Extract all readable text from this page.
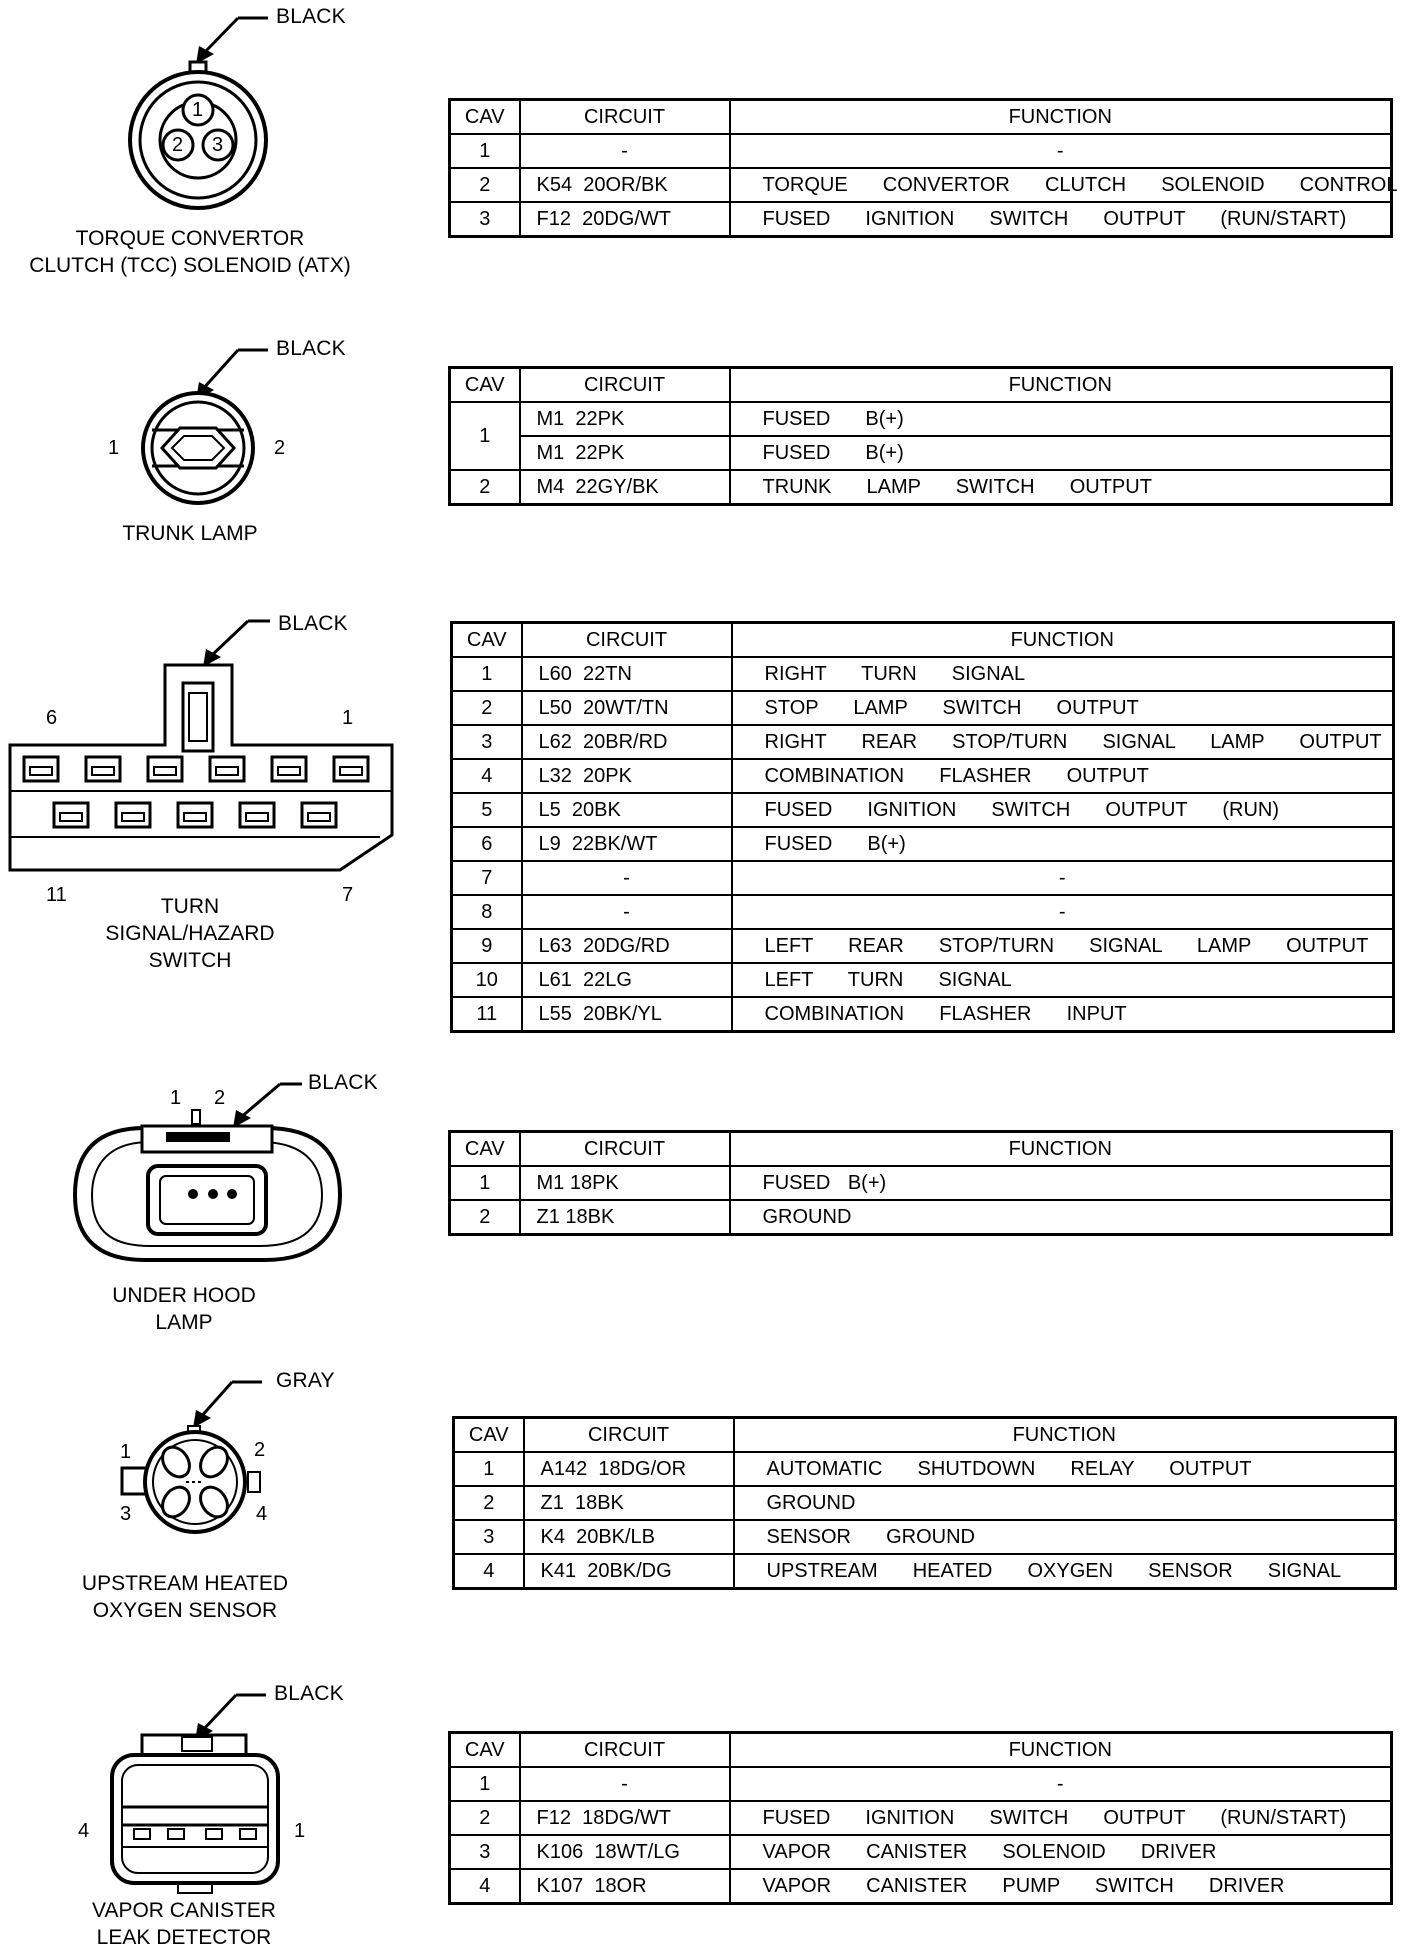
BLACK
1
2 3
TORQUE CONVERTOR
CLUTCH (TCC) SOLENOID (ATX)
CAV	CIRCUIT	FUNCTION
1	-	-
2	K54  20OR/BK	TORQUE  CONVERTOR  CLUTCH  SOLENOID  CONTROL
3	F12  20DG/WT	FUSED  IGNITION  SWITCH  OUTPUT  (RUN/START)
BLACK
1	2
TRUNK LAMP
CAV	CIRCUIT	FUNCTION
1	M1  22PK	FUSED  B(+)
	M1  22PK	FUSED  B(+)
2	M4  22GY/BK	TRUNK  LAMP  SWITCH  OUTPUT
BLACK
6	1
11	7
TURN
SIGNAL/HAZARD
SWITCH
CAV	CIRCUIT	FUNCTION
1	L60  22TN	RIGHT  TURN  SIGNAL
2	L50  20WT/TN	STOP  LAMP  SWITCH  OUTPUT
3	L62  20BR/RD	RIGHT  REAR  STOP/TURN  SIGNAL  LAMP  OUTPUT
4	L32  20PK	COMBINATION  FLASHER  OUTPUT
5	L5  20BK	FUSED  IGNITION  SWITCH  OUTPUT  (RUN)
6	L9  22BK/WT	FUSED  B(+)
7	-	-
8	-	-
9	L63  20DG/RD	LEFT  REAR  STOP/TURN  SIGNAL  LAMP  OUTPUT
10	L61  22LG	LEFT  TURN  SIGNAL
11	L55  20BK/YL	COMBINATION  FLASHER  INPUT
BLACK
1 2
UNDER HOOD
LAMP
CAV	CIRCUIT	FUNCTION
1	M1 18PK	FUSED B(+)
2	Z1 18BK	GROUND
GRAY
1	2
3	4
UPSTREAM HEATED
OXYGEN SENSOR
CAV	CIRCUIT	FUNCTION
1	A142  18DG/OR	AUTOMATIC  SHUTDOWN  RELAY  OUTPUT
2	Z1  18BK	GROUND
3	K4  20BK/LB	SENSOR  GROUND
4	K41  20BK/DG	UPSTREAM  HEATED  OXYGEN  SENSOR  SIGNAL
BLACK
4	1
VAPOR CANISTER
LEAK DETECTOR
CAV	CIRCUIT	FUNCTION
1	-	-
2	F12  18DG/WT	FUSED  IGNITION  SWITCH  OUTPUT  (RUN/START)
3	K106  18WT/LG	VAPOR  CANISTER  SOLENOID  DRIVER
4	K107  18OR	VAPOR  CANISTER  PUMP  SWITCH  DRIVER
